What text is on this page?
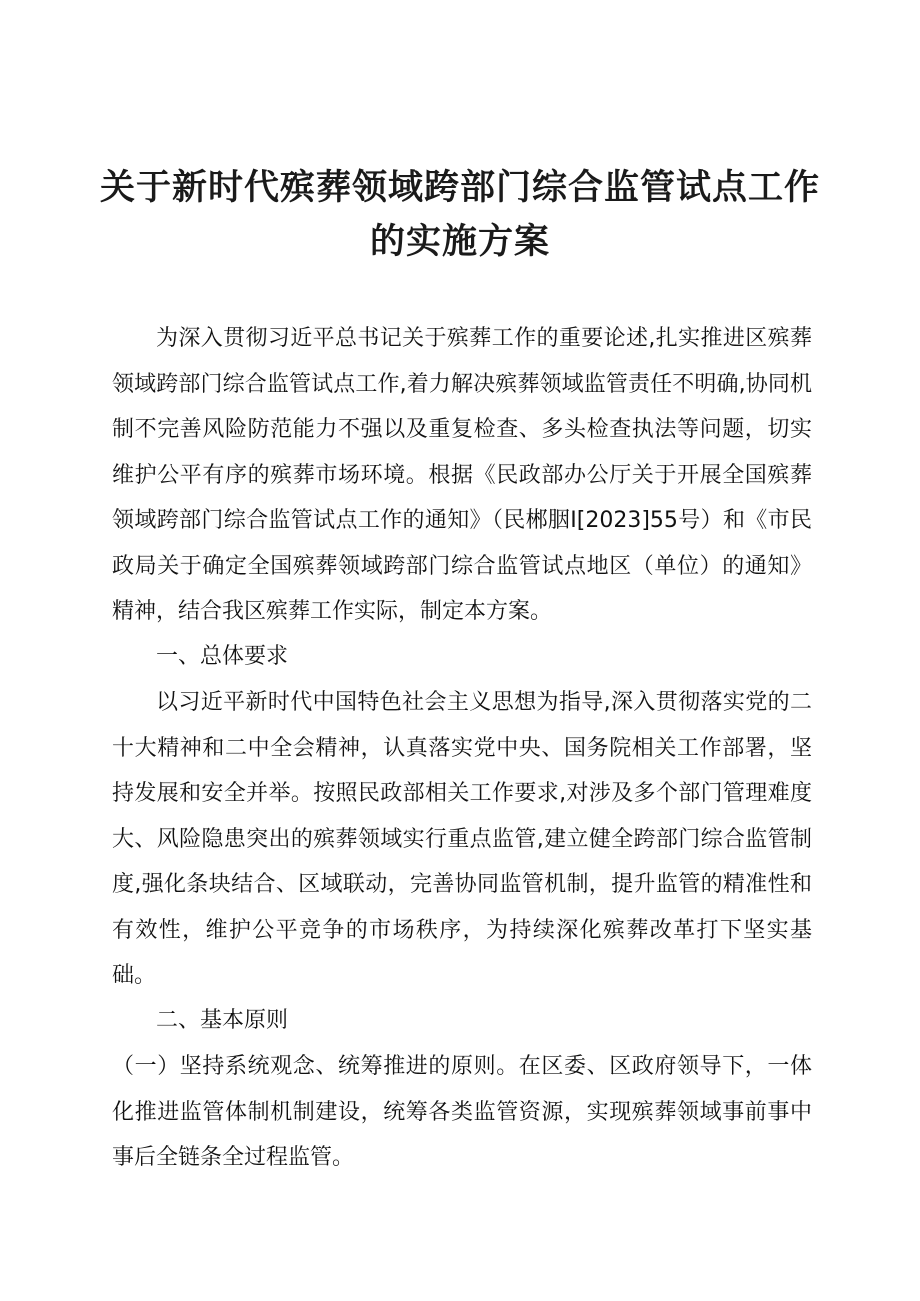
关于新时代殡葬领域跨部门综合监管试点工作
的实施方案

为深入贯彻习近平总书记关于殡葬工作的重要论述,扎实推进区殡葬领域跨部门综合监管试点工作,着力解决殡葬领域监管责任不明确,协同机制不完善风险防范能力不强以及重复检查、多头检查执法等问题，切实维护公平有序的殡葬市场环境。根据《民政部办公厅关于开展全国殡葬领域跨部门综合监管试点工作的通知》（民郴胭I[2023]55号）和《市民政局关于确定全国殡葬领域跨部门综合监管试点地区（单位）的通知》精神，结合我区殡葬工作实际，制定本方案。

一、总体要求

以习近平新时代中国特色社会主义思想为指导,深入贯彻落实党的二十大精神和二中全会精神，认真落实党中央、国务院相关工作部署，坚持发展和安全并举。按照民政部相关工作要求,对涉及多个部门管理难度大、风险隐患突出的殡葬领域实行重点监管,建立健全跨部门综合监管制度,强化条块结合、区域联动，完善协同监管机制，提升监管的精准性和有效性，维护公平竞争的市场秩序，为持续深化殡葬改革打下坚实基础。

二、基本原则

（一）坚持系统观念、统筹推进的原则。在区委、区政府领导下，一体化推进监管体制机制建设，统筹各类监管资源，实现殡葬领域事前事中事后全链条全过程监管。
